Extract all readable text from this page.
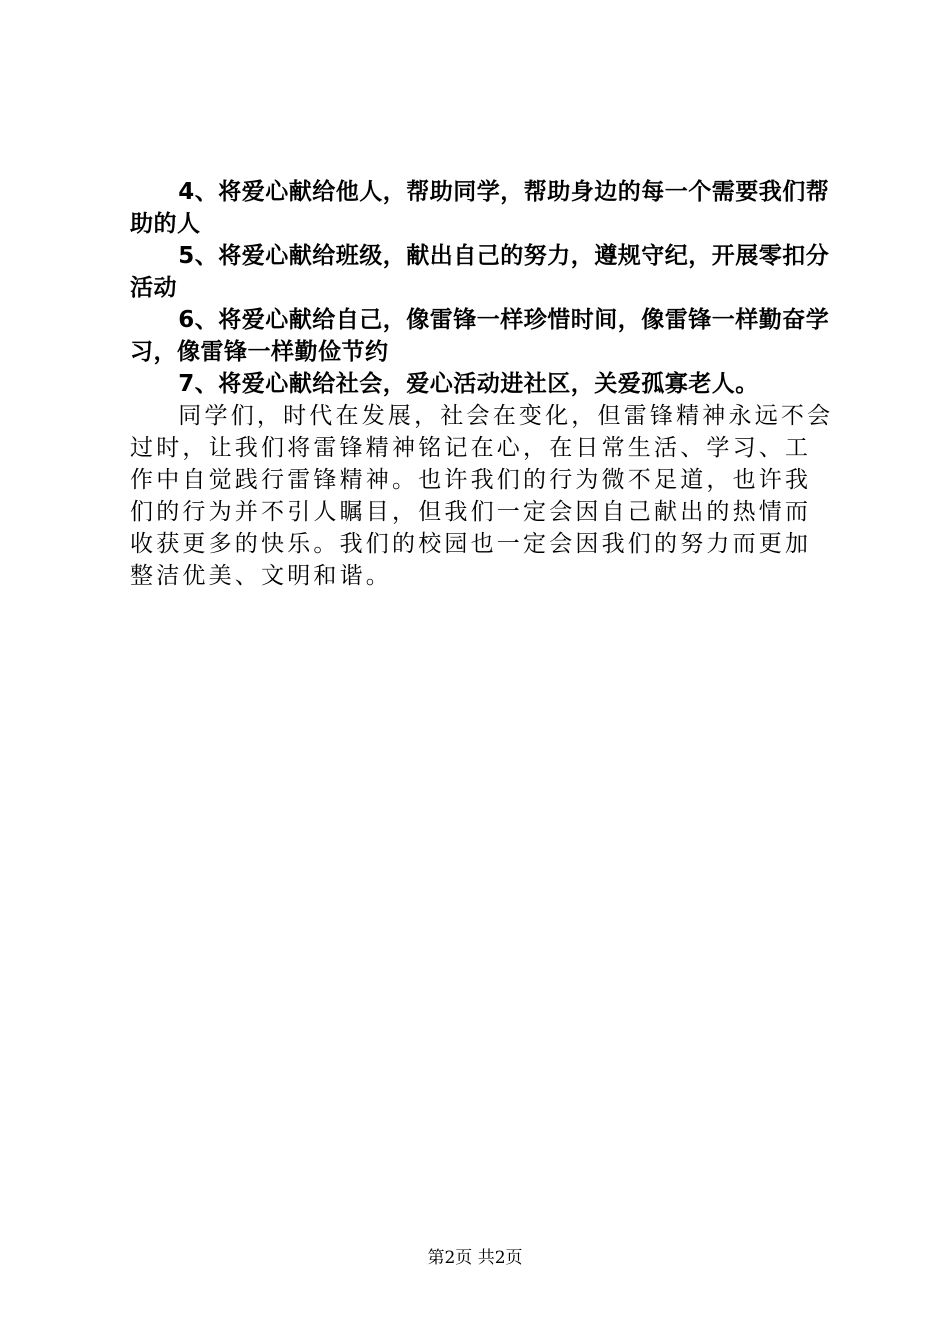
4、将爱心献给他人，帮助同学，帮助身边的每一个需要我们帮助的人

5、将爱心献给班级，献出自己的努力，遵规守纪，开展零扣分活动

6、将爱心献给自己，像雷锋一样珍惜时间，像雷锋一样勤奋学习，像雷锋一样勤俭节约

7、将爱心献给社会，爱心活动进社区，关爱孤寡老人。

同学们，时代在发展，社会在变化，但雷锋精神永远不会过时，让我们将雷锋精神铭记在心，在日常生活、学习、工作中自觉践行雷锋精神。也许我们的行为微不足道，也许我们的行为并不引人瞩目，但我们一定会因自己献出的热情而收获更多的快乐。我们的校园也一定会因我们的努力而更加整洁优美、文明和谐。

第2页 共2页
